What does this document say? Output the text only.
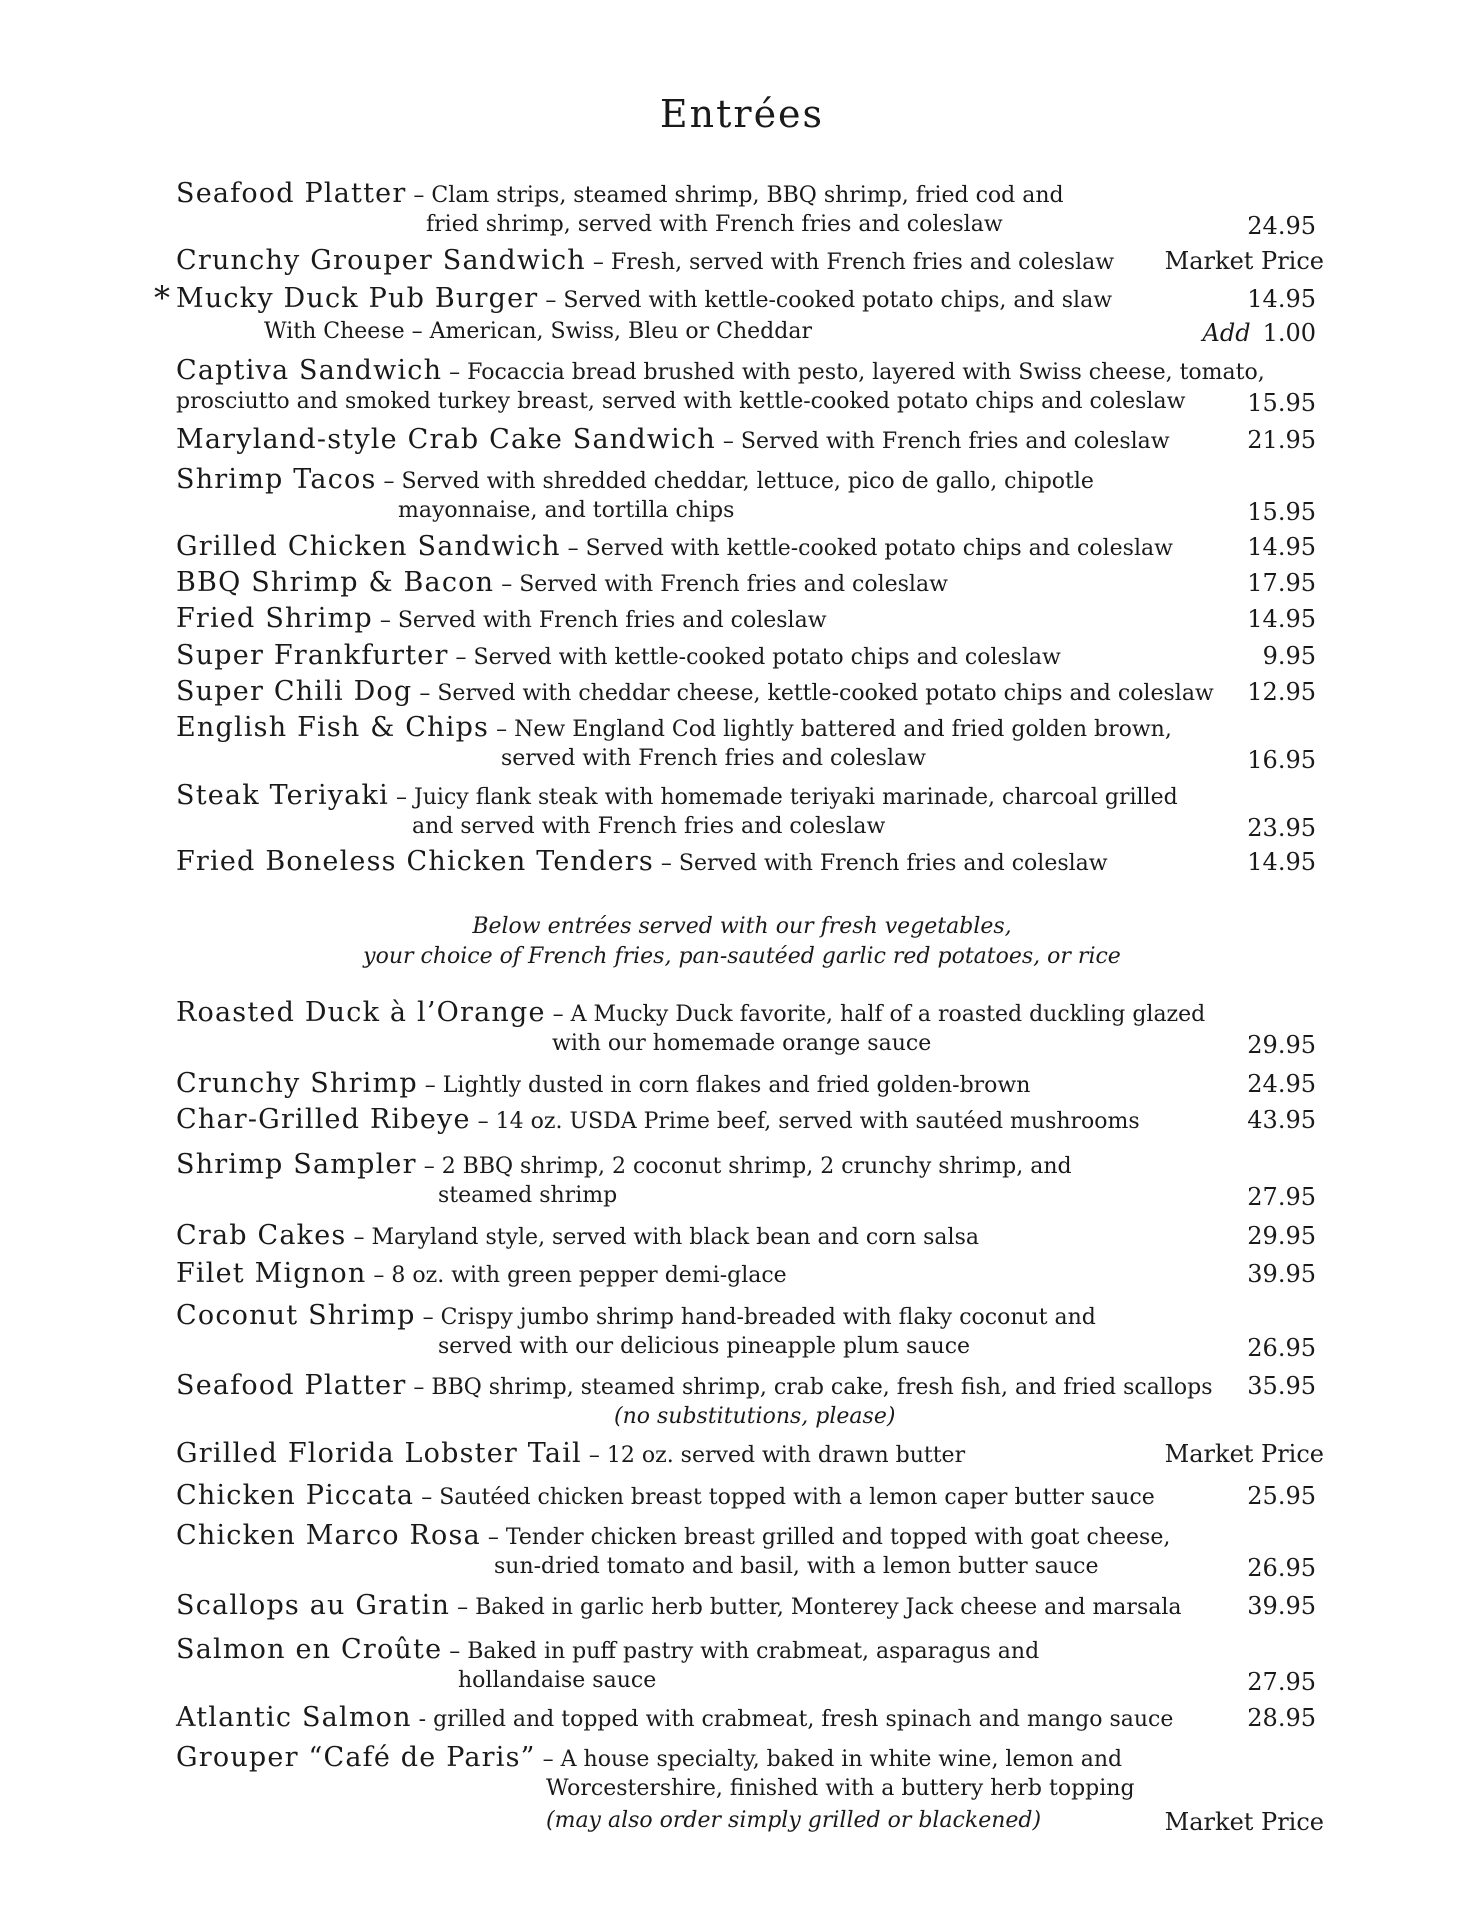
Entrées
Seafood Platter – Clam strips, steamed shrimp, BBQ shrimp, fried cod and
fried shrimp, served with French fries and coleslaw	24.95
Crunchy Grouper Sandwich – Fresh, served with French fries and coleslaw	Market Price
* Mucky Duck Pub Burger – Served with kettle-cooked potato chips, and slaw	14.95
With Cheese – American, Swiss, Bleu or Cheddar	Add 1.00
Captiva Sandwich – Focaccia bread brushed with pesto, layered with Swiss cheese, tomato,
prosciutto and smoked turkey breast, served with kettle-cooked potato chips and coleslaw	15.95
Maryland-style Crab Cake Sandwich – Served with French fries and coleslaw	21.95
Shrimp Tacos – Served with shredded cheddar, lettuce, pico de gallo, chipotle
mayonnaise, and tortilla chips	15.95
Grilled Chicken Sandwich – Served with kettle-cooked potato chips and coleslaw	14.95
BBQ Shrimp & Bacon – Served with French fries and coleslaw	17.95
Fried Shrimp – Served with French fries and coleslaw	14.95
Super Frankfurter – Served with kettle-cooked potato chips and coleslaw	9.95
Super Chili Dog – Served with cheddar cheese, kettle-cooked potato chips and coleslaw	12.95
English Fish & Chips – New England Cod lightly battered and fried golden brown,
served with French fries and coleslaw	16.95
Steak Teriyaki – Juicy flank steak with homemade teriyaki marinade, charcoal grilled
and served with French fries and coleslaw	23.95
Fried Boneless Chicken Tenders – Served with French fries and coleslaw	14.95
Below entrées served with our fresh vegetables,
your choice of French fries, pan-sautéed garlic red potatoes, or rice
Roasted Duck à l’Orange – A Mucky Duck favorite, half of a roasted duckling glazed
with our homemade orange sauce	29.95
Crunchy Shrimp – Lightly dusted in corn flakes and fried golden-brown	24.95
Char-Grilled Ribeye – 14 oz. USDA Prime beef, served with sautéed mushrooms	43.95
Shrimp Sampler – 2 BBQ shrimp, 2 coconut shrimp, 2 crunchy shrimp, and
steamed shrimp	27.95
Crab Cakes – Maryland style, served with black bean and corn salsa	29.95
Filet Mignon – 8 oz. with green pepper demi-glace	39.95
Coconut Shrimp – Crispy jumbo shrimp hand-breaded with flaky coconut and
served with our delicious pineapple plum sauce	26.95
Seafood Platter – BBQ shrimp, steamed shrimp, crab cake, fresh fish, and fried scallops	35.95
(no substitutions, please)
Grilled Florida Lobster Tail – 12 oz. served with drawn butter	Market Price
Chicken Piccata – Sautéed chicken breast topped with a lemon caper butter sauce	25.95
Chicken Marco Rosa – Tender chicken breast grilled and topped with goat cheese,
sun-dried tomato and basil, with a lemon butter sauce	26.95
Scallops au Gratin – Baked in garlic herb butter, Monterey Jack cheese and marsala	39.95
Salmon en Croûte – Baked in puff pastry with crabmeat, asparagus and
hollandaise sauce	27.95
Atlantic Salmon - grilled and topped with crabmeat, fresh spinach and mango sauce	28.95
Grouper “Café de Paris” – A house specialty, baked in white wine, lemon and
Worcestershire, finished with a buttery herb topping
(may also order simply grilled or blackened)	Market Price
